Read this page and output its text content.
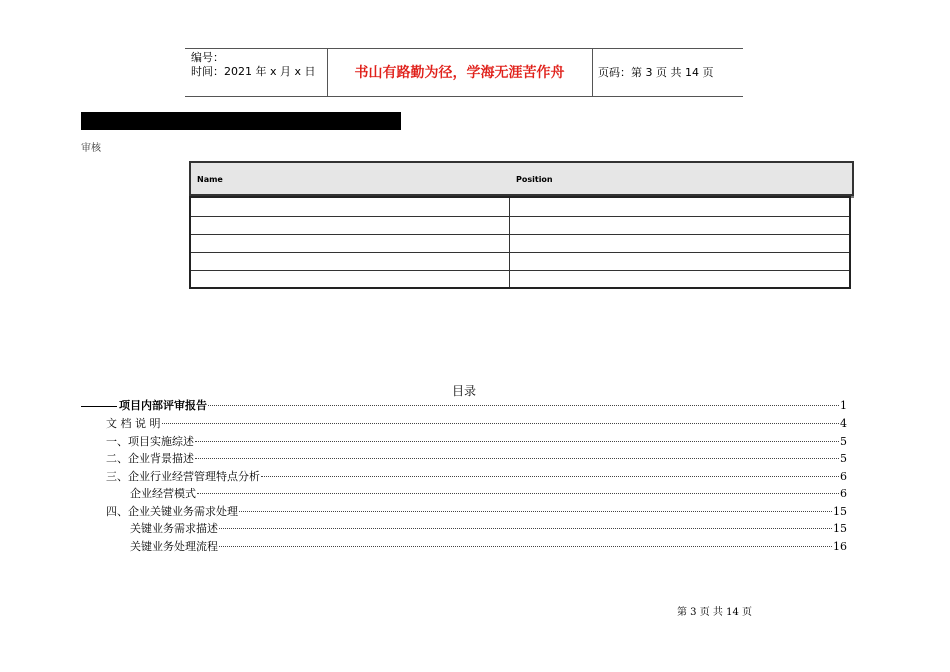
编号：
时间：2021 年 x 月 x 日	书山有路勤为径，学海无涯苦作舟	页码：第 3 页 共 14 页
审核
Name	Position
目录
项目内部评审报告	1
文 档 说 明	4
一、项目实施综述	5
二、企业背景描述	5
三、企业行业经营管理特点分析	6
企业经营模式	6
四、企业关键业务需求处理	15
关键业务需求描述	15
关键业务处理流程	16
第 3 页 共 14 页
